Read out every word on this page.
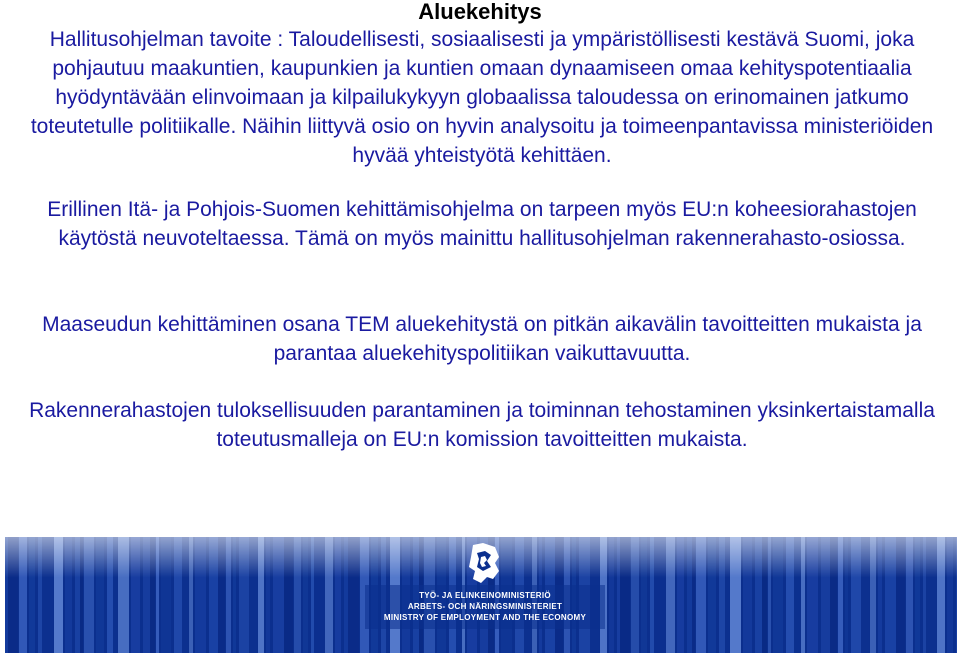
Aluekehitys
Hallitusohjelman tavoite : Taloudellisesti, sosiaalisesti ja ympäristöllisesti kestävä Suomi, joka pohjautuu maakuntien, kaupunkien ja kuntien omaan dynaamiseen omaa kehityspotentiaalia hyödyntävään elinvoimaan ja kilpailukykyyn globaalissa taloudessa on erinomainen jatkumo toteutetulle politiikalle. Näihin liittyvä osio on hyvin analysoitu ja toimeenpantavissa ministeriöiden hyvää yhteistyötä kehittäen.
Erillinen Itä- ja Pohjois-Suomen kehittämisohjelma on tarpeen myös EU:n koheesiorahastojen käytöstä neuvoteltaessa. Tämä on myös mainittu hallitusohjelman rakennerahasto-osiossa.
Maaseudun kehittäminen osana TEM aluekehitystä on pitkän aikavälin tavoitteitten mukaista ja parantaa aluekehityspolitiikan vaikuttavuutta.
Rakennerahastojen tuloksellisuuden parantaminen ja toiminnan tehostaminen yksinkertaistamalla toteutusmalleja on EU:n komission tavoitteitten mukaista.
TYÖ- JA ELINKEINOMINISTERIÖ
ARBETS- OCH NÄRINGSMINISTERIET
MINISTRY OF EMPLOYMENT AND THE ECONOMY
